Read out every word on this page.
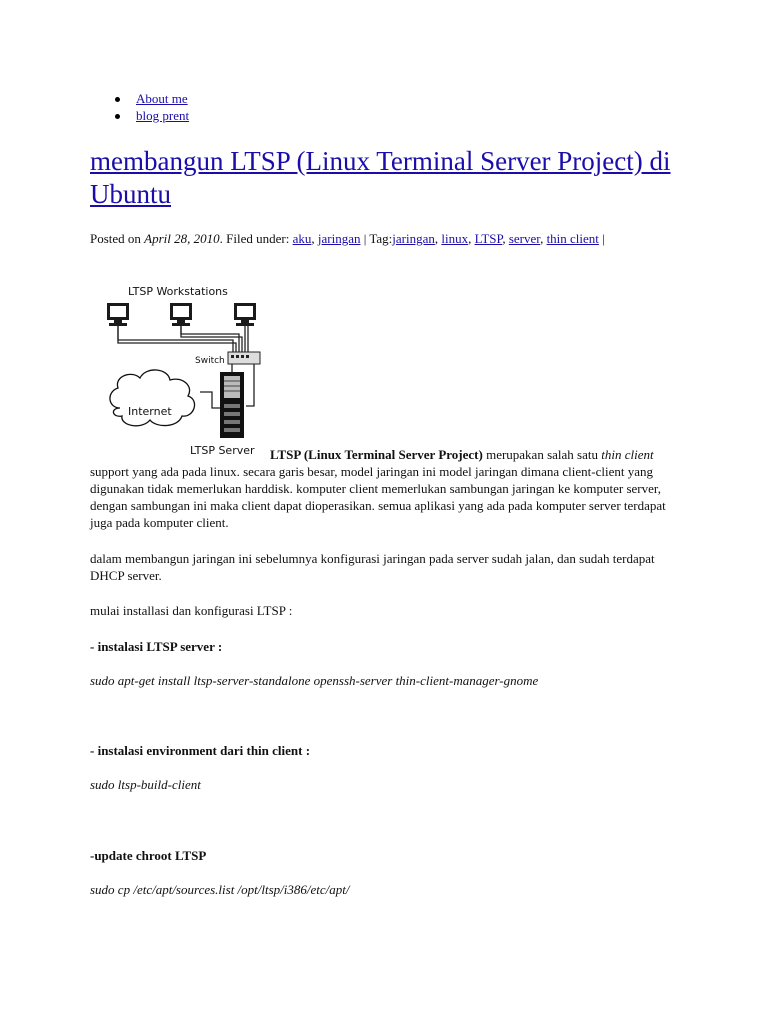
About me
blog prent
membangun LTSP (Linux Terminal Server Project) di Ubuntu

Posted on April 28, 2010. Filed under: aku, jaringan | Tag:jaringan, linux, LTSP, server, thin client |

LTSP Workstations
Switch
Internet
LTSP Server	LTSP (Linux Terminal Server Project) merupakan salah satu thin client support yang ada pada linux. secara garis besar, model jaringan ini model jaringan dimana client-client yang digunakan tidak memerlukan harddisk. komputer client memerlukan sambungan jaringan ke komputer server, dengan sambungan ini maka client dapat dioperasikan. semua aplikasi yang ada pada komputer server terdapat juga pada komputer client.

dalam membangun jaringan ini sebelumnya konfigurasi jaringan pada server sudah jalan, dan sudah terdapat DHCP server.

mulai installasi dan konfigurasi LTSP :

- instalasi LTSP server :

sudo apt-get install ltsp-server-standalone openssh-server thin-client-manager-gnome

- instalasi environment dari thin client :

sudo ltsp-build-client

-update chroot LTSP

sudo cp /etc/apt/sources.list /opt/ltsp/i386/etc/apt/
